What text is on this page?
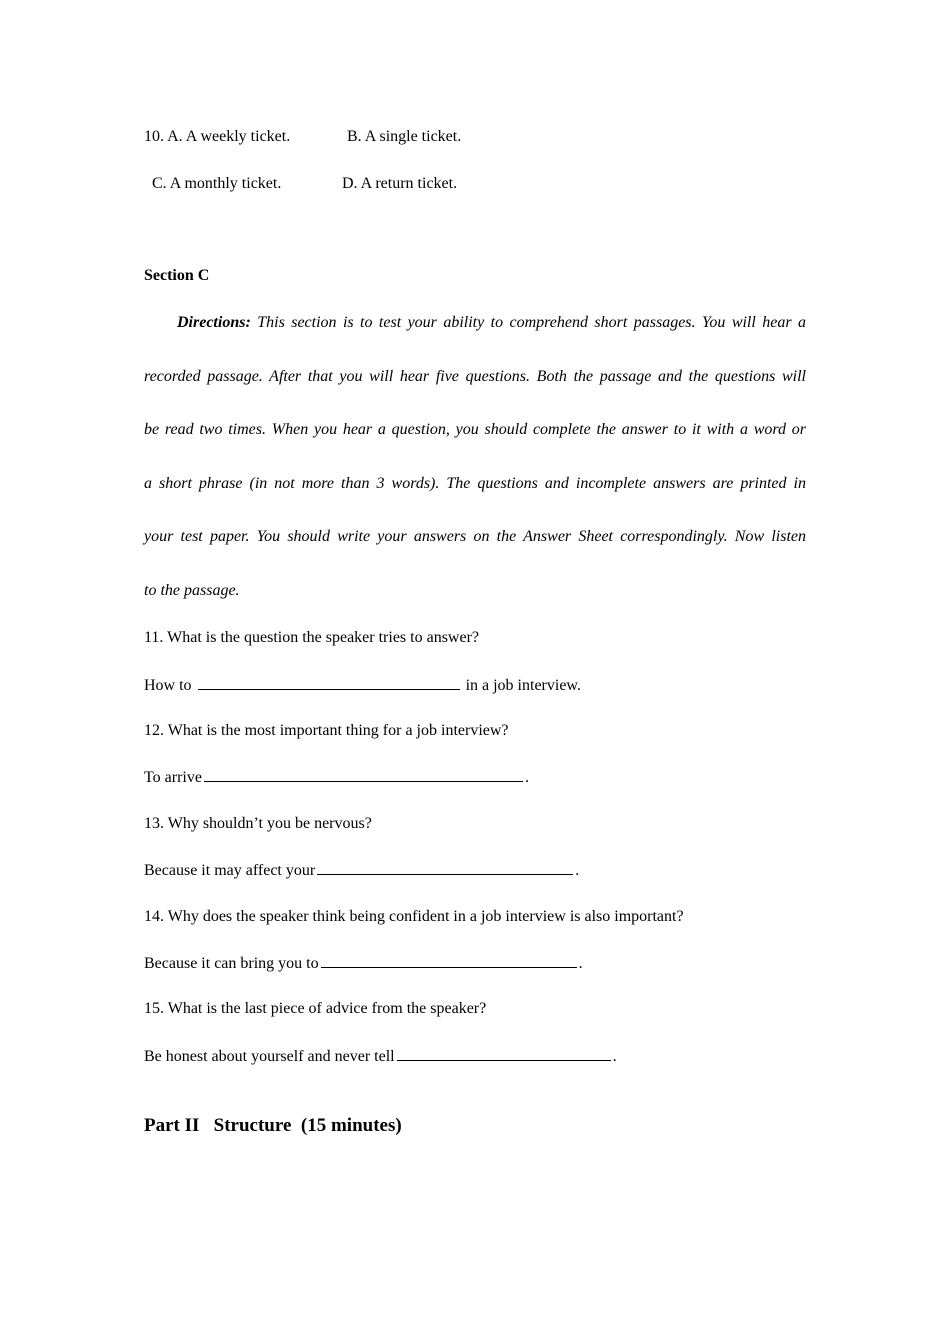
10. A. A weekly ticket.	B. A single ticket.
C. A monthly ticket.	D. A return ticket.
Section C
Directions: This section is to test your ability to comprehend short passages. You will hear a
recorded passage. After that you will hear five questions. Both the passage and the questions will
be read two times. When you hear a question, you should complete the answer to it with a word or
a short phrase (in not more than 3 words). The questions and incomplete answers are printed in
your test paper. You should write your answers on the Answer Sheet correspondingly. Now listen
to the passage.
11. What is the question the speaker tries to answer?
How to	in a job interview.
12. What is the most important thing for a job interview?
To arrive	.
13. Why shouldn’t you be nervous?
Because it may affect your	.
14. Why does the speaker think being confident in a job interview is also important?
Because it can bring you to	.
15. What is the last piece of advice from the speaker?
Be honest about yourself and never tell	.
Part II   Structure  (15 minutes)
